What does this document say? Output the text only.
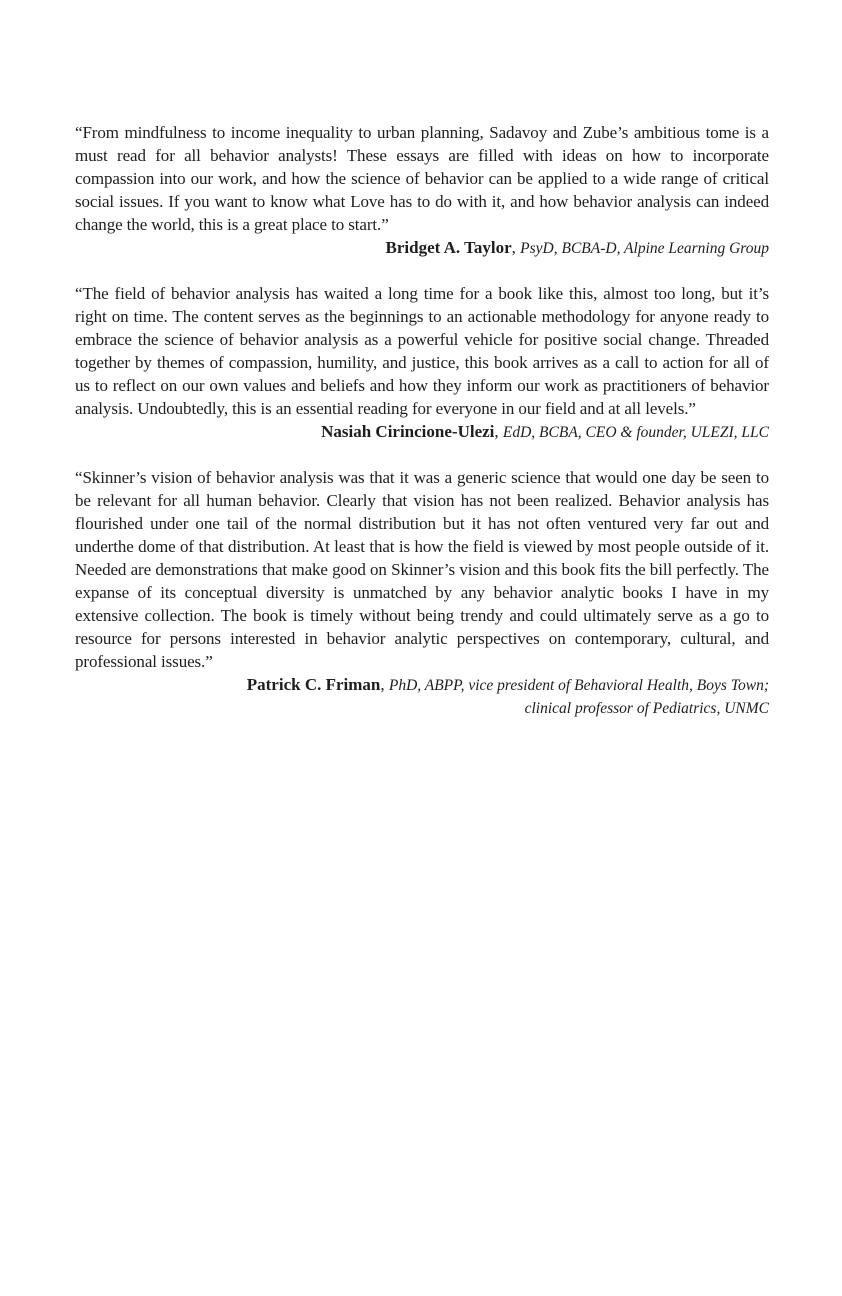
“From mindfulness to income inequality to urban planning, Sadavoy and Zube’s ambitious tome is a must read for all behavior analysts! These essays are filled with ideas on how to incorporate compassion into our work, and how the science of behavior can be applied to a wide range of critical social issues. If you want to know what Love has to do with it, and how behavior analysis can indeed change the world, this is a great place to start.”

Bridget A. Taylor, PsyD, BCBA-D, Alpine Learning Group

“The field of behavior analysis has waited a long time for a book like this, almost too long, but it’s right on time. The content serves as the beginnings to an actionable methodology for anyone ready to embrace the science of behavior analysis as a powerful vehicle for positive social change. Threaded together by themes of compassion, humility, and justice, this book arrives as a call to action for all of us to reflect on our own values and beliefs and how they inform our work as practitioners of behavior analysis. Undoubtedly, this is an essential reading for everyone in our field and at all levels.”

Nasiah Cirincione-Ulezi, EdD, BCBA, CEO & founder, ULEZI, LLC

“Skinner’s vision of behavior analysis was that it was a generic science that would one day be seen to be relevant for all human behavior. Clearly that vision has not been realized. Behavior analysis has flourished under one tail of the normal distribution but it has not often ventured very far out and underthe dome of that distribution. At least that is how the field is viewed by most people outside of it. Needed are demonstrations that make good on Skinner’s vision and this book fits the bill perfectly. The expanse of its conceptual diversity is unmatched by any behavior analytic books I have in my extensive collection. The book is timely without being trendy and could ultimately serve as a go to resource for persons interested in behavior analytic perspectives on contemporary, cultural, and professional issues.”

Patrick C. Friman, PhD, ABPP, vice president of Behavioral Health, Boys Town;
clinical professor of Pediatrics, UNMC
